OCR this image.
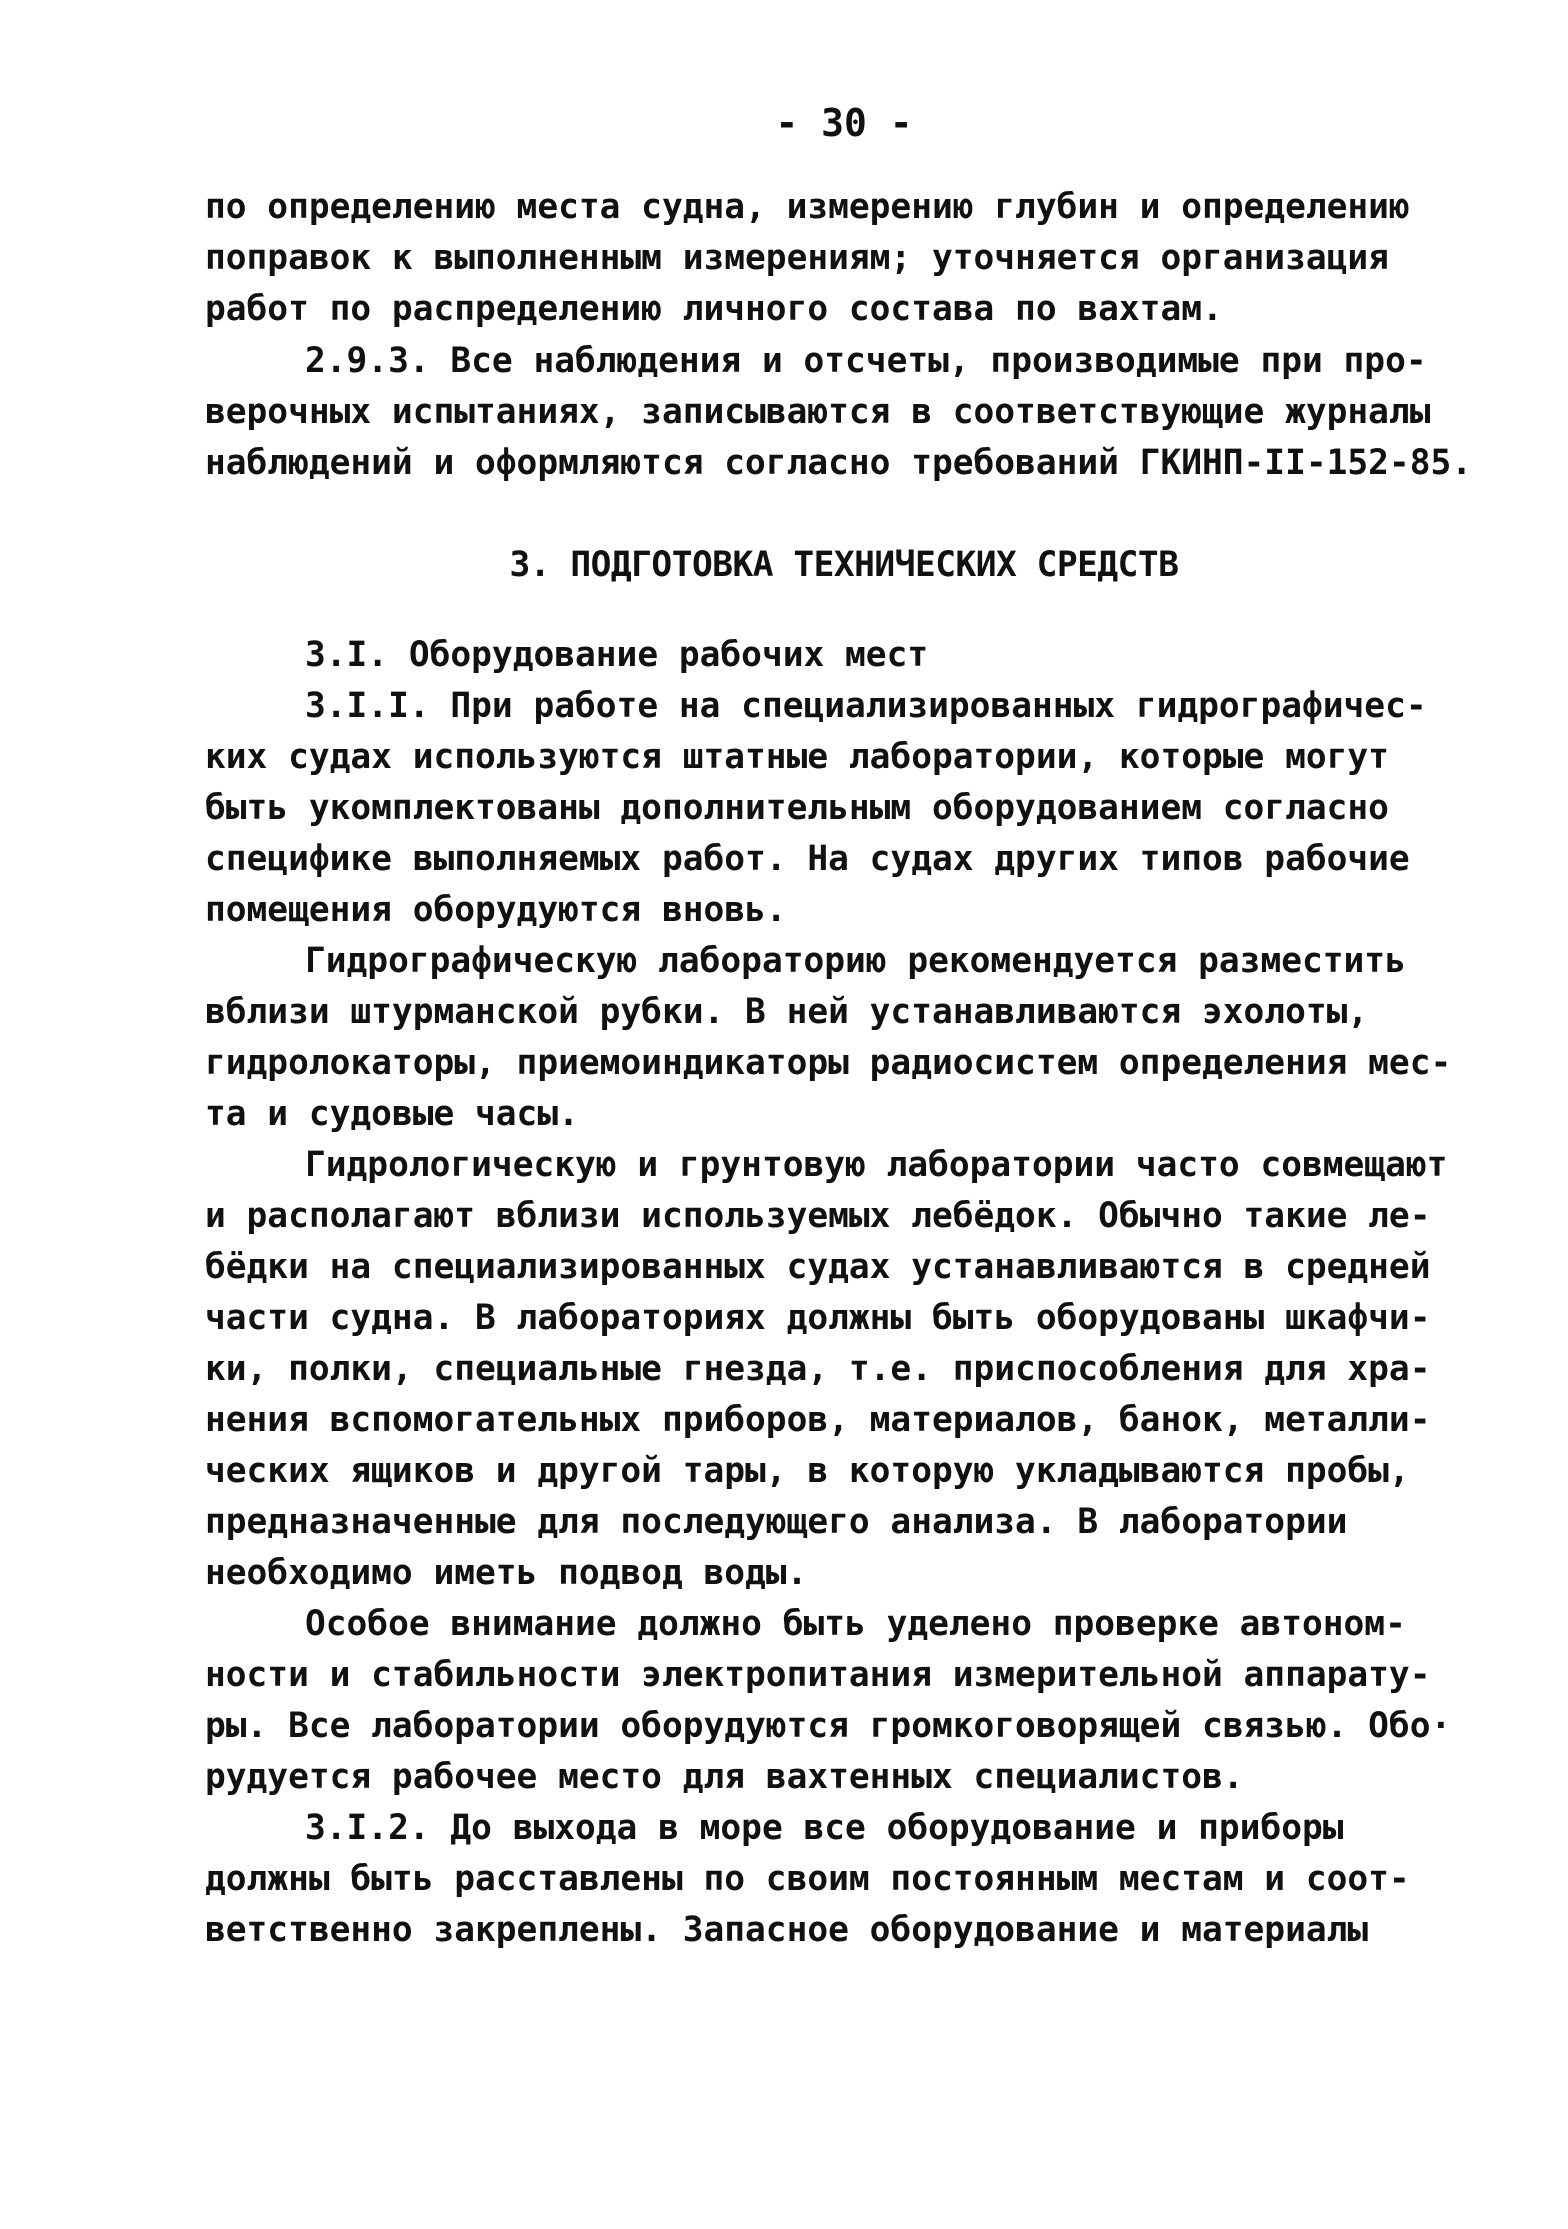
- 30 -
по определению места судна, измерению глубин и определению
поправок к выполненным измерениям; уточняется организация
работ по распределению личного состава по вахтам.
2.9.3. Все наблюдения и отсчеты, производимые при про-
верочных испытаниях, записываются в соответствующие журналы
наблюдений и оформляются согласно требований ГКИНП-II-152-85.
3. ПОДГОТОВКА ТЕХНИЧЕСКИХ СРЕДСТВ
3.I. Оборудование рабочих мест
3.I.I. При работе на специализированных гидрографичес-
ких судах используются штатные лаборатории, которые могут
быть укомплектованы дополнительным оборудованием согласно
специфике выполняемых работ. На судах других типов рабочие
помещения оборудуются вновь.
Гидрографическую лабораторию рекомендуется разместить
вблизи штурманской рубки. В ней устанавливаются эхолоты,
гидролокаторы, приемоиндикаторы радиосистем определения мес-
та и судовые часы.
Гидрологическую и грунтовую лаборатории часто совмещают
и располагают вблизи используемых лебёдок. Обычно такие ле-
бёдки на специализированных судах устанавливаются в средней
части судна. В лабораториях должны быть оборудованы шкафчи-
ки, полки, специальные гнезда, т.е. приспособления для хра-
нения вспомогательных приборов, материалов, банок, металли-
ческих ящиков и другой тары, в которую укладываются пробы,
предназначенные для последующего анализа. В лаборатории
необходимо иметь подвод воды.
Особое внимание должно быть уделено проверке автоном-
ности и стабильности электропитания измерительной аппарату-
ры. Все лаборатории оборудуются громкоговорящей связью. Обо·
рудуется рабочее место для вахтенных специалистов.
3.I.2. До выхода в море все оборудование и приборы
должны быть расставлены по своим постоянным местам и соот-
ветственно закреплены. Запасное оборудование и материалы
